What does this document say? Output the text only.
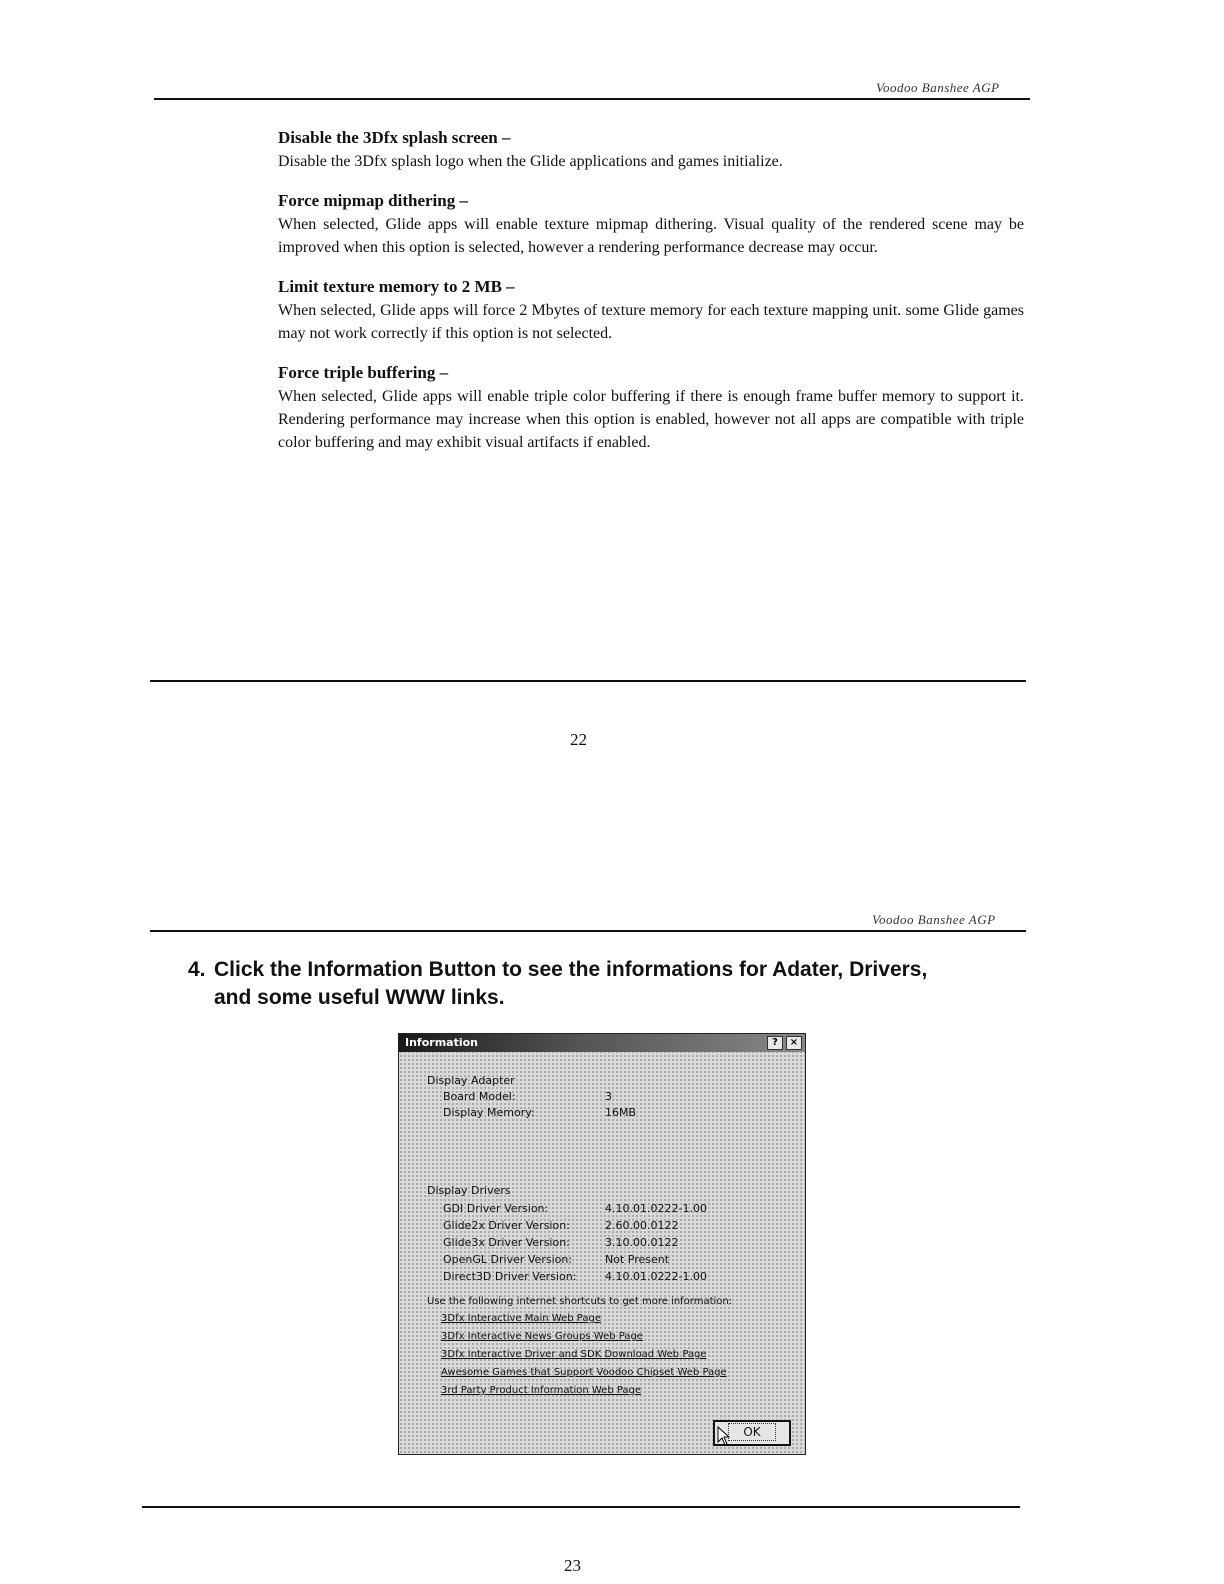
Voodoo Banshee AGP
Disable the 3Dfx splash screen –

Disable the 3Dfx splash logo when the Glide applications and games initialize.

Force mipmap dithering –

When selected, Glide apps will enable texture mipmap dithering. Visual quality of the rendered scene may be improved when this option is selected, however a rendering performance decrease may occur.

Limit texture memory to 2 MB –

When selected, Glide apps will force 2 Mbytes of texture memory for each texture mapping unit. some Glide games may not work correctly if this option is not selected.

Force triple buffering –

When selected, Glide apps will enable triple color buffering if there is enough frame buffer memory to support it. Rendering performance may increase when this option is enabled, however not all apps are compatible with triple color buffering and may exhibit visual artifacts if enabled.

22
Voodoo Banshee AGP
4. Click the Information Button to see the informations for Adater, Drivers,
and some useful WWW links.
Information	?	×
Display Adapter
Board Model:	3
Display Memory:	16MB
Display Drivers
GDI Driver Version:	4.10.01.0222-1.00
Glide2x Driver Version:	2.60.00.0122
Glide3x Driver Version:	3.10.00.0122
OpenGL Driver Version:	Not Present
Direct3D Driver Version:	4.10.01.0222-1.00
Use the following internet shortcuts to get more information:
3Dfx Interactive Main Web Page
3Dfx Interactive News Groups Web Page
3Dfx Interactive Driver and SDK Download Web Page
Awesome Games that Support Voodoo Chipset Web Page
3rd Party Product Information Web Page
OK
23
